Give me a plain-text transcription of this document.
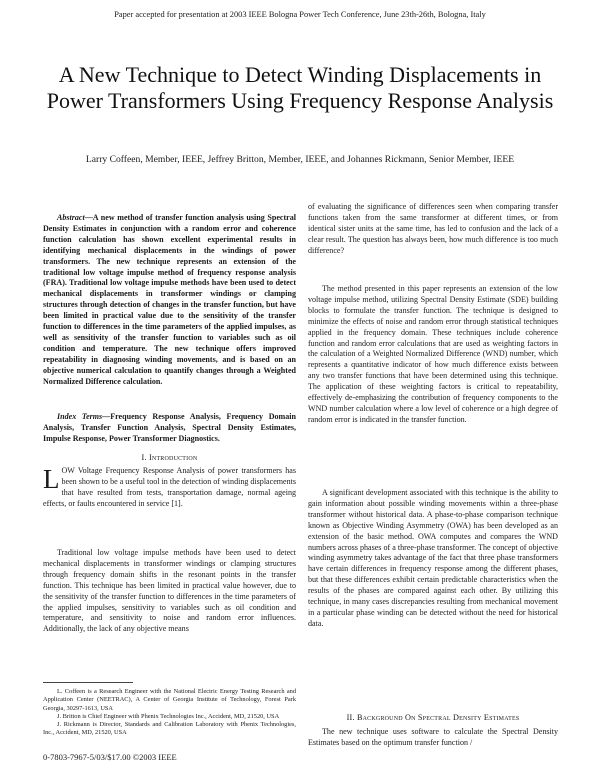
Paper accepted for presentation at 2003 IEEE Bologna Power Tech Conference, June 23th-26th, Bologna, Italy
A New Technique to Detect Winding Displacements in Power Transformers Using Frequency Response Analysis
Larry Coffeen, Member, IEEE, Jeffrey Britton, Member, IEEE, and Johannes Rickmann, Senior Member, IEEE

Abstract—A new method of transfer function analysis using Spectral Density Estimates in conjunction with a random error and coherence function calculation has shown excellent experimental results in identifying mechanical displacements in the windings of power transformers. The new technique represents an extension of the traditional low voltage impulse method of frequency response analysis (FRA). Traditional low voltage impulse methods have been used to detect mechanical displacements in transformer windings or clamping structures through detection of changes in the transfer function, but have been limited in practical value due to the sensitivity of the transfer function to differences in the time parameters of the applied impulses, as well as sensitivity of the transfer function to variables such as oil condition and temperature. The new technique offers improved repeatability in diagnosing winding movements, and is based on an objective numerical calculation to quantify changes through a Weighted Normalized Difference calculation.

Index Terms—Frequency Response Analysis, Frequency Domain Analysis, Transfer Function Analysis, Spectral Density Estimates, Impulse Response, Power Transformer Diagnostics.

I. Introduction

LOW Voltage Frequency Response Analysis of power transformers has been shown to be a useful tool in the detection of winding displacements that have resulted from tests, transportation damage, normal ageing effects, or faults encountered in service [1].

Traditional low voltage impulse methods have been used to detect mechanical displacements in transformer windings or clamping structures through frequency domain shifts in the resonant points in the transfer function. This technique has been limited in practical value however, due to the sensitivity of the transfer function to differences in the time parameters of the applied impulses, sensitivity to variables such as oil condition and temperature, and sensitivity to noise and random error influences. Additionally, the lack of any objective means

L. Coffeen is a Research Engineer with the National Electric Energy Testing Research and Application Center (NEETRAC), A Center of Georgia Institute of Technology, Forest Park Georgia, 30297-1613, USA

J. Britton is Chief Engineer with Phenix Technologies Inc., Accident, MD, 21520, USA

J. Rickmann is Director, Standards and Calibration Laboratory with Phenix Technologies, Inc., Accident, MD, 21520, USA

0-7803-7967-5/03/$17.00 ©2003 IEEE

of evaluating the significance of differences seen when comparing transfer functions taken from the same transformer at different times, or from identical sister units at the same time, has led to confusion and the lack of a clear result. The question has always been, how much difference is too much difference?

The method presented in this paper represents an extension of the low voltage impulse method, utilizing Spectral Density Estimate (SDE) building blocks to formulate the transfer function. The technique is designed to minimize the effects of noise and random error through statistical techniques applied in the frequency domain. These techniques include coherence function and random error calculations that are used as weighting factors in the calculation of a Weighted Normalized Difference (WND) number, which represents a quantitative indicator of how much difference exists between any two transfer functions that have been determined using this technique. The application of these weighting factors is critical to repeatability, effectively de-emphasizing the contribution of frequency components to the WND number calculation where a low level of coherence or a high degree of random error is indicated in the transfer function.

A significant development associated with this technique is the ability to gain information about possible winding movements within a three-phase transformer without historical data. A phase-to-phase comparison technique known as Objective Winding Asymmetry (OWA) has been developed as an extension of the basic method. OWA computes and compares the WND numbers across phases of a three-phase transformer. The concept of objective winding asymmetry takes advantage of the fact that three phase transformers have certain differences in frequency response among the different phases, but that these differences exhibit certain predictable characteristics when the results of the phases are compared against each other. By utilizing this technique, in many cases discrepancies resulting from mechanical movement in a particular phase winding can be detected without the need for historical data.

II. Background On Spectral Density Estimates

The new technique uses software to calculate the Spectral Density Estimates based on the optimum transfer function /
